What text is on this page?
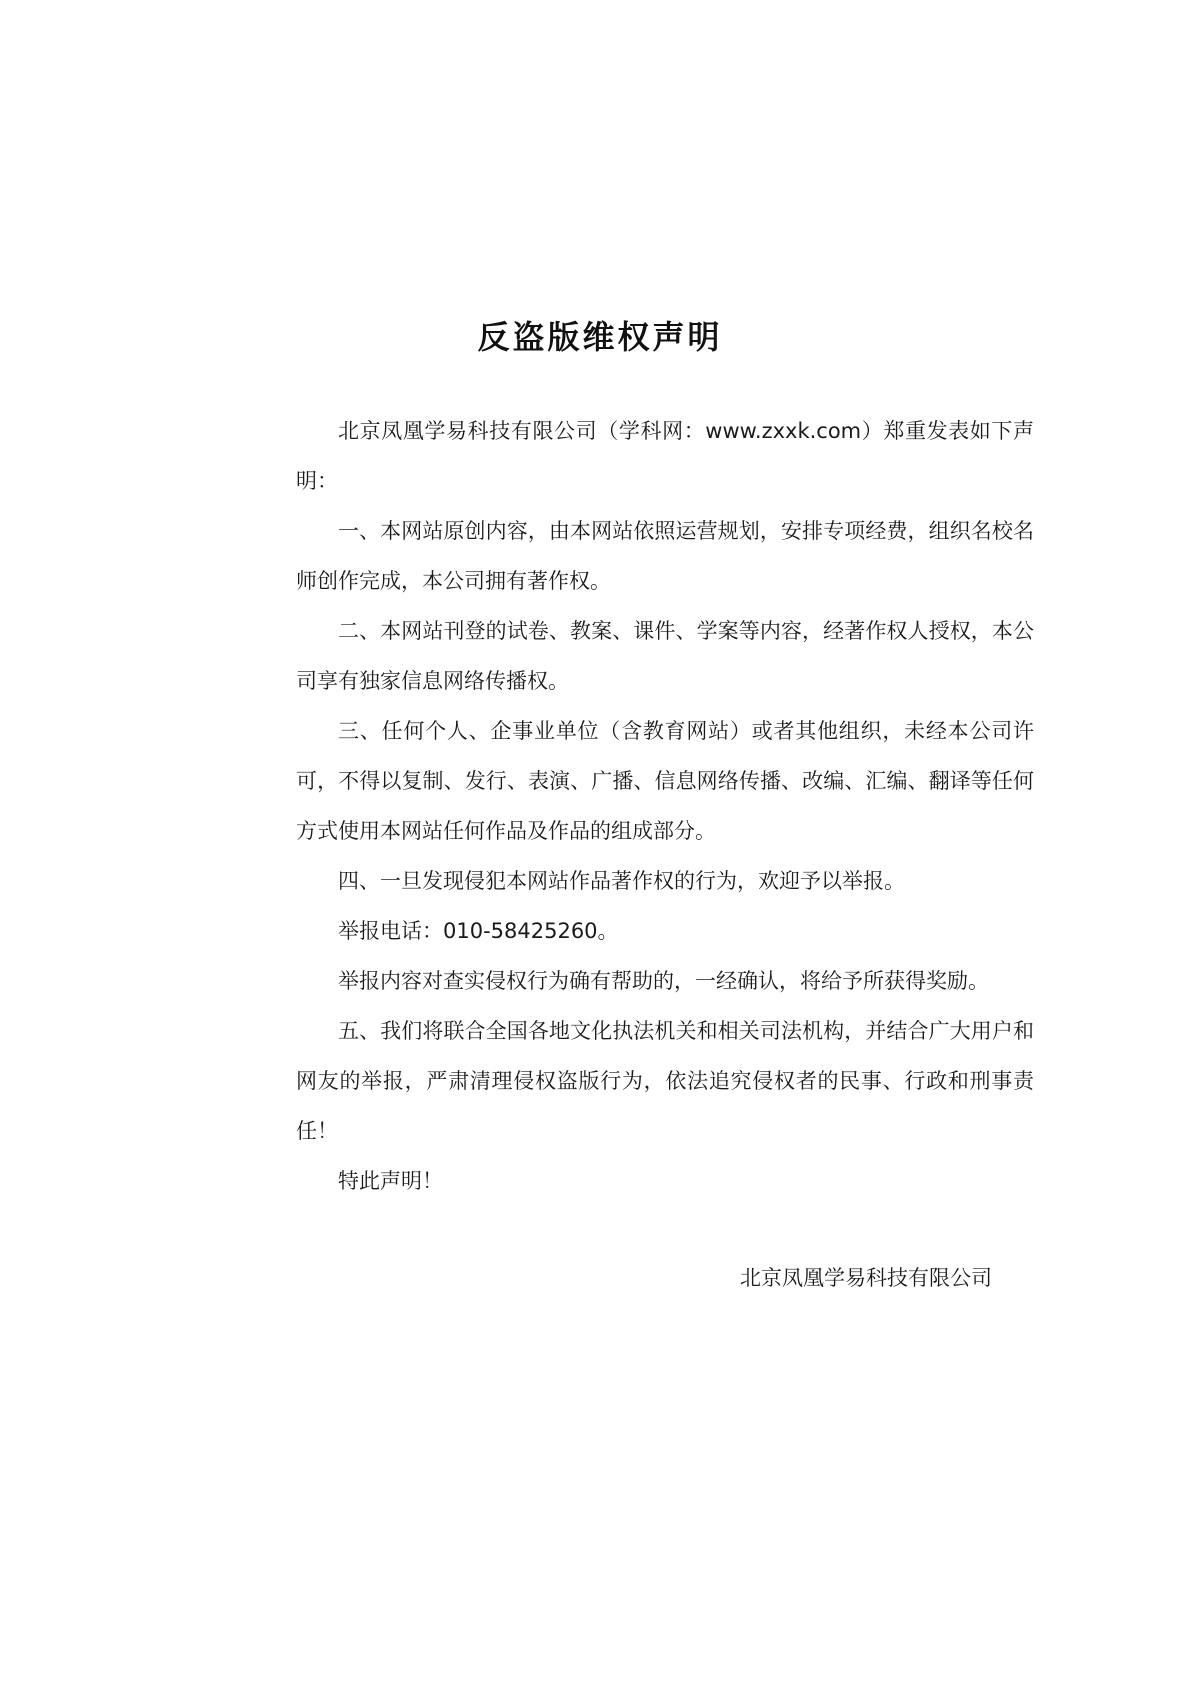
反盗版维权声明

北京凤凰学易科技有限公司（学科网：www.zxxk.com）郑重发表如下声明：

一、本网站原创内容，由本网站依照运营规划，安排专项经费，组织名校名师创作完成，本公司拥有著作权。

二、本网站刊登的试卷、教案、课件、学案等内容，经著作权人授权，本公司享有独家信息网络传播权。

三、任何个人、企事业单位（含教育网站）或者其他组织，未经本公司许可，不得以复制、发行、表演、广播、信息网络传播、改编、汇编、翻译等任何方式使用本网站任何作品及作品的组成部分。

四、一旦发现侵犯本网站作品著作权的行为，欢迎予以举报。

举报电话：010-58425260。

举报内容对查实侵权行为确有帮助的，一经确认，将给予所获得奖励。

五、我们将联合全国各地文化执法机关和相关司法机构，并结合广大用户和网友的举报，严肃清理侵权盗版行为，依法追究侵权者的民事、行政和刑事责任！

特此声明！

北京凤凰学易科技有限公司
